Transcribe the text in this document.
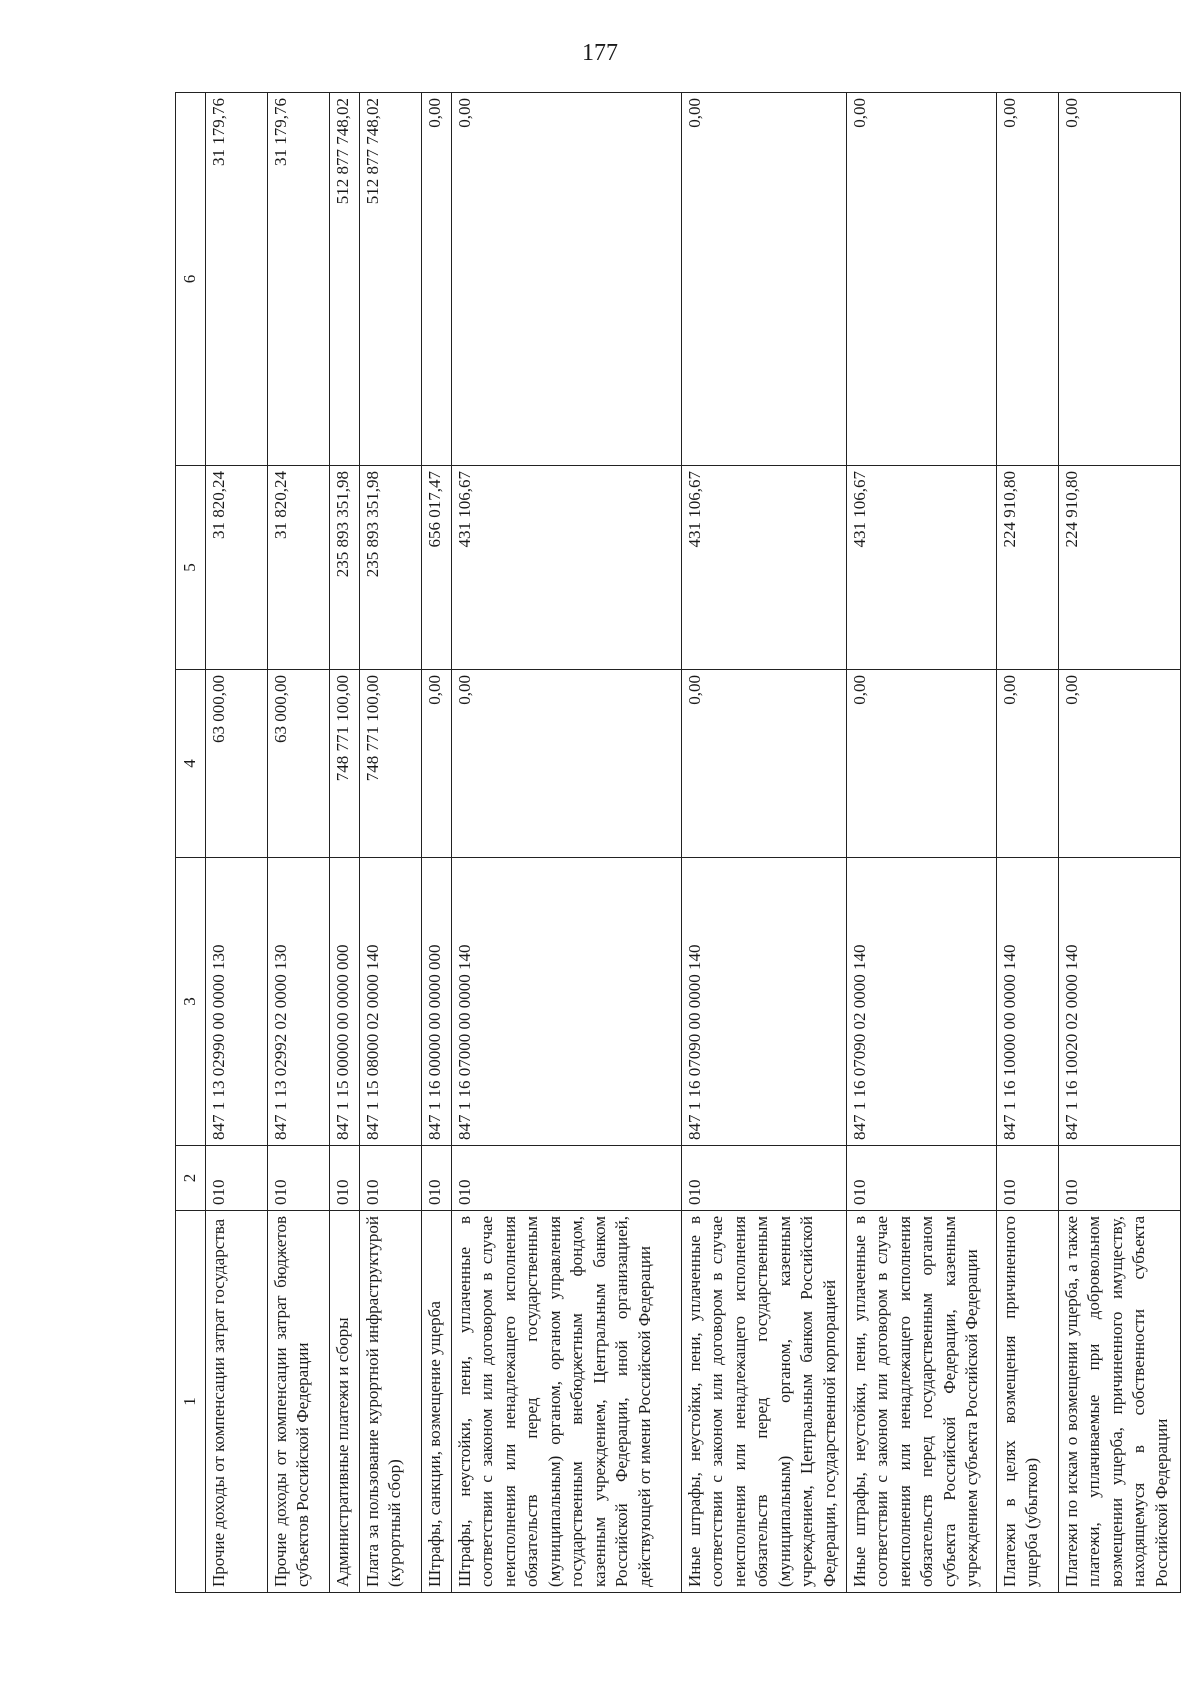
177
1	2	3	4	5	6
Прочие доходы от компенсации затрат государства	010	847 1 13 02990 00 0000 130	63 000,00	31 820,24	31 179,76
Прочие доходы от компенсации затрат бюджетов субъектов Российской Федерации	010	847 1 13 02992 02 0000 130	63 000,00	31 820,24	31 179,76
Административные платежи и сборы	010	847 1 15 00000 00 0000 000	748 771 100,00	235 893 351,98	512 877 748,02
Плата за пользование курортной инфраструктурой (курортный сбор)	010	847 1 15 08000 02 0000 140	748 771 100,00	235 893 351,98	512 877 748,02
Штрафы, санкции, возмещение ущерба	010	847 1 16 00000 00 0000 000	0,00	656 017,47	0,00
Штрафы, неустойки, пени, уплаченные в соответствии с законом или договором в случае неисполнения или ненадлежащего исполнения обязательств перед государственным (муниципальным) органом, органом управления государственным внебюджетным фондом, казенным учреждением, Центральным банком Российской Федерации, иной организацией, действующей от имени Российской Федерации	010	847 1 16 07000 00 0000 140	0,00	431 106,67	0,00
Иные штрафы, неустойки, пени, уплаченные в соответствии с законом или договором в случае неисполнения или ненадлежащего исполнения обязательств перед государственным (муниципальным) органом, казенным учреждением, Центральным банком Российской Федерации, государственной корпорацией	010	847 1 16 07090 00 0000 140	0,00	431 106,67	0,00
Иные штрафы, неустойки, пени, уплаченные в соответствии с законом или договором в случае неисполнения или ненадлежащего исполнения обязательств перед государственным органом субъекта Российской Федерации, казенным учреждением субъекта Российской Федерации	010	847 1 16 07090 02 0000 140	0,00	431 106,67	0,00
Платежи в целях возмещения причиненного ущерба (убытков)	010	847 1 16 10000 00 0000 140	0,00	224 910,80	0,00
Платежи по искам о возмещении ущерба, а также платежи, уплачиваемые при добровольном возмещении ущерба, причиненного имуществу, находящемуся в собственности субъекта Российской Федерации	010	847 1 16 10020 02 0000 140	0,00	224 910,80	0,00
